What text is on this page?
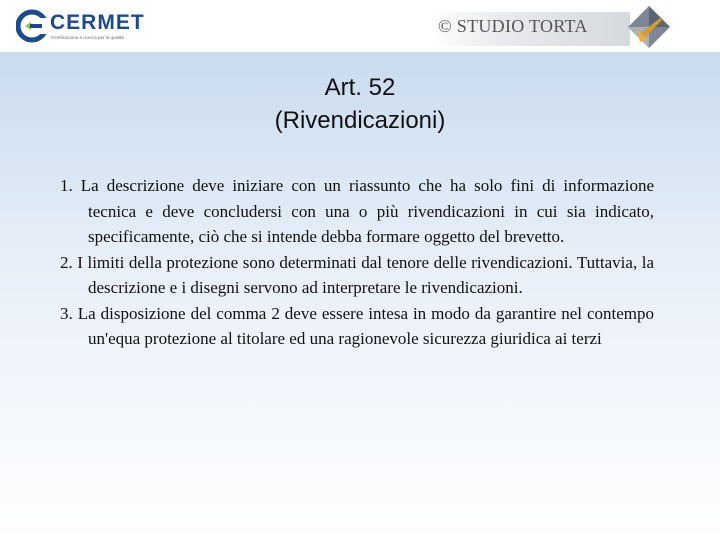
CERMET
Certificazione e ricerca per la qualità
© STUDIO TORTA
Art. 52
(Rivendicazioni)

1. La descrizione deve iniziare con un riassunto che ha solo fini di informazione tecnica e deve concludersi con una o più rivendicazioni in cui sia indicato, specificamente, ciò che si intende debba formare oggetto del brevetto.

2. I limiti della protezione sono determinati dal tenore delle rivendicazioni. Tuttavia, la descrizione e i disegni servono ad interpretare le rivendicazioni.

3. La disposizione del comma 2 deve essere intesa in modo da garantire nel contempo un'equa protezione al titolare ed una ragionevole sicurezza giuridica ai terzi
